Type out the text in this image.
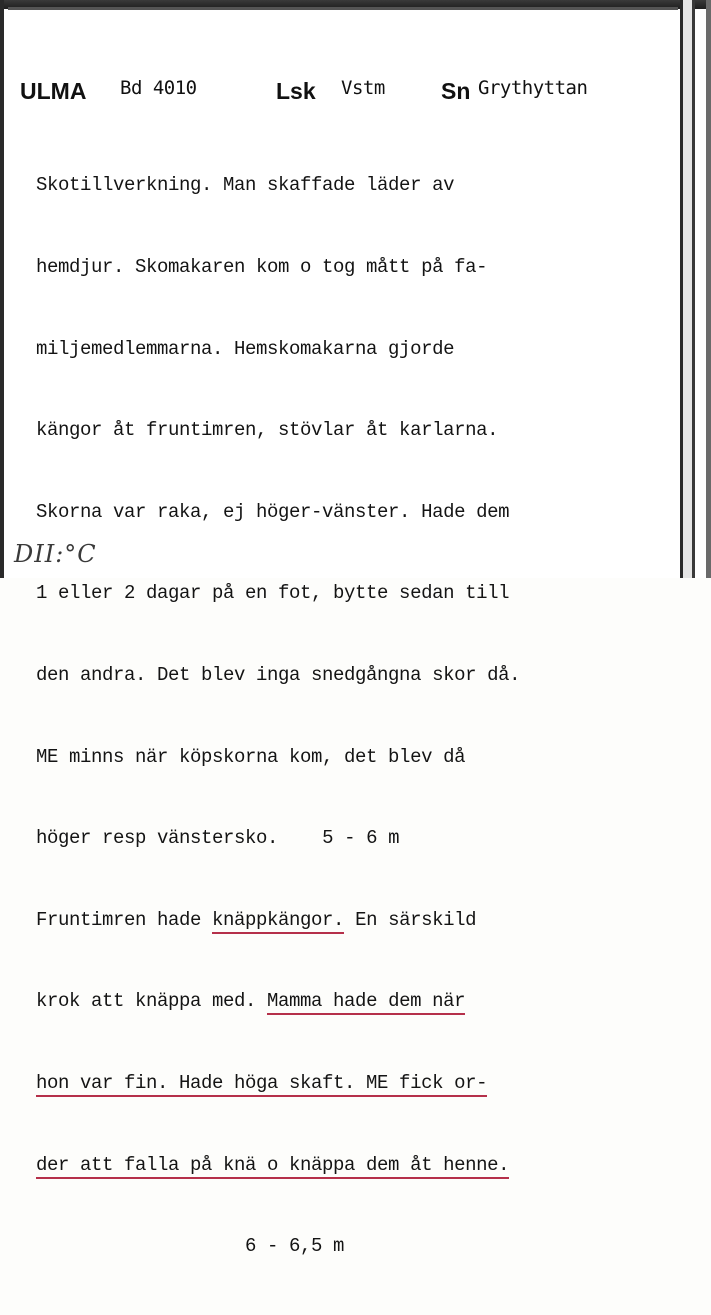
ULMA Bd 4010	Lsk Vstm Sn Grythyttan

Skotillverkning. Man skaffade läder av

hemdjur. Skomakaren kom o tog mått på fa-

miljemedlemmarna. Hemskomakarna gjorde

kängor åt fruntimren, stövlar åt karlarna.

Skorna var raka, ej höger-vänster. Hade dem

1 eller 2 dagar på en fot, bytte sedan till

den andra. Det blev inga snedgångna skor då.

ME minns när köpskorna kom, det blev då

höger resp vänstersko. 5 - 6 m

Fruntimren hade knäppkängor. En särskild

krok att knäppa med. Mamma hade dem när

hon var fin. Hade höga skaft. ME fick or-

der att falla på knä o knäppa dem åt henne.

6 - 6,5 m

DII:°C
